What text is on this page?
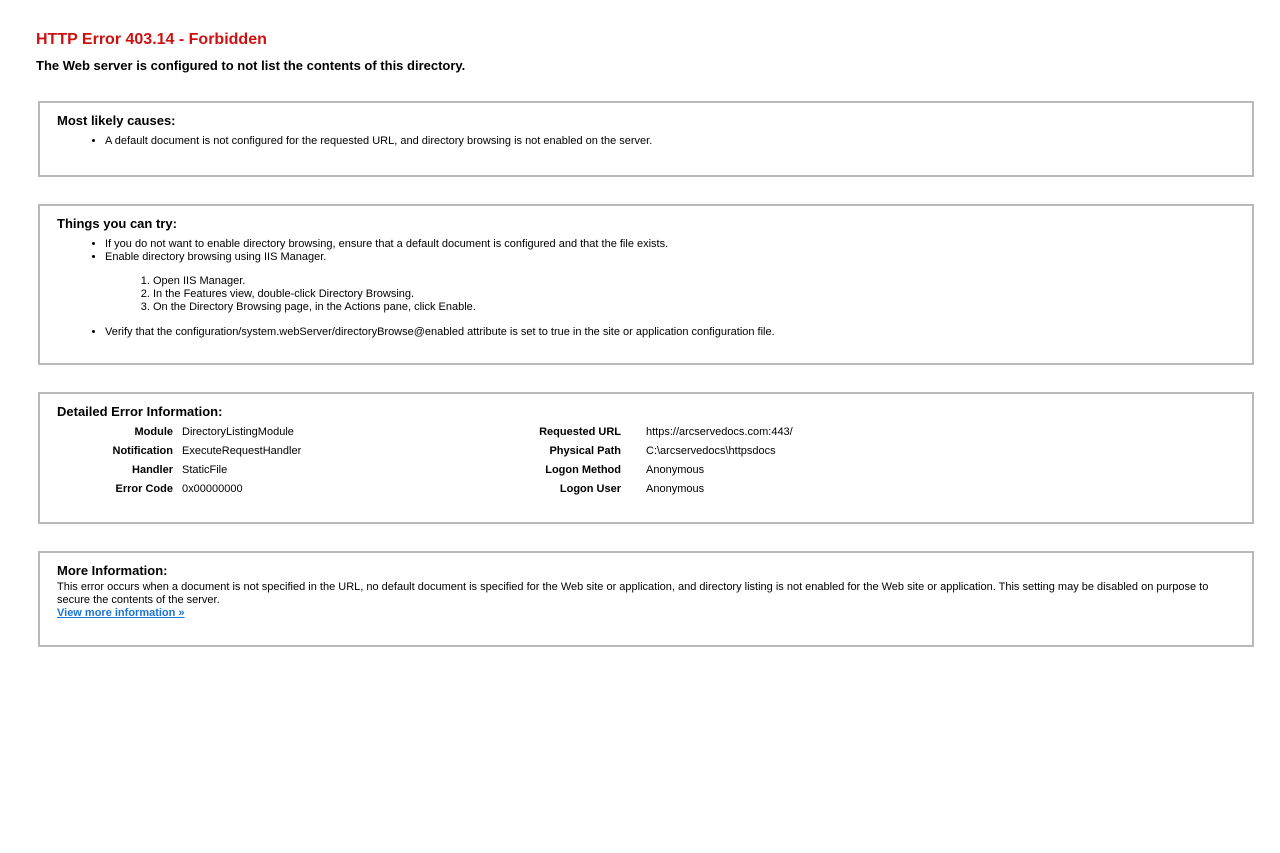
HTTP Error 403.14 - Forbidden
The Web server is configured to not list the contents of this directory.
Most likely causes:
• A default document is not configured for the requested URL, and directory browsing is not enabled on the server.
Things you can try:
• If you do not want to enable directory browsing, ensure that a default document is configured and that the file exists.
• Enable directory browsing using IIS Manager.
1. Open IIS Manager.
2. In the Features view, double-click Directory Browsing.
3. On the Directory Browsing page, in the Actions pane, click Enable.
• Verify that the configuration/system.webServer/directoryBrowse@enabled attribute is set to true in the site or application configuration file.
Detailed Error Information:
Module	DirectoryListingModule	Requested URL	https://arcservedocs.com:443/
Notification	ExecuteRequestHandler	Physical Path	C:\arcservedocs\httpsdocs
Handler	StaticFile	Logon Method	Anonymous
Error Code	0x00000000	Logon User	Anonymous
More Information:

This error occurs when a document is not specified in the URL, no default document is specified for the Web site or application, and directory listing is not enabled for the Web site or application. This setting may be disabled on purpose to secure the contents of the server.

View more information »
